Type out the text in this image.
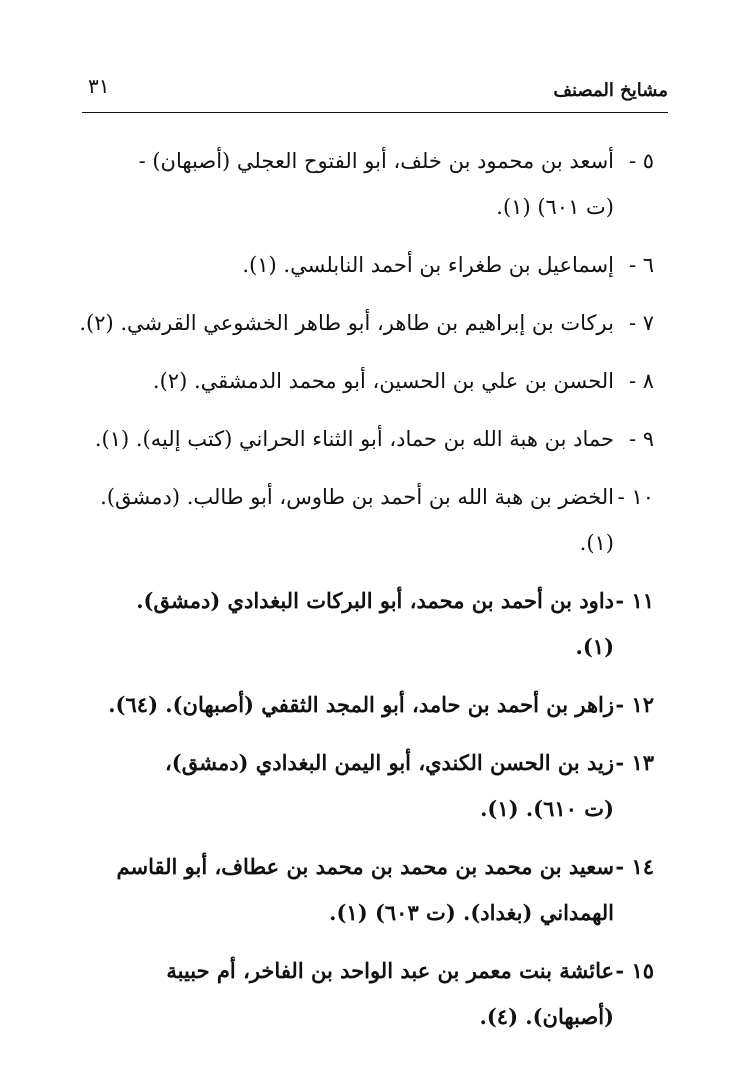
مشايخ المصنف
٣١
٥ -
أسعد بن محمود بن خلف، أبو الفتوح العجلي (أصبهان) -
(ت ٦٠١) (١).
٦ -
إسماعيل بن طغراء بن أحمد النابلسي. (١).
٧ -
بركات بن إبراهيم بن طاهر، أبو طاهر الخشوعي القرشي. (٢).
٨ -
الحسن بن علي بن الحسين، أبو محمد الدمشقي. (٢).
٩ -
حماد بن هبة الله بن حماد، أبو الثناء الحراني (كتب إليه). (١).
١٠ -
الخضر بن هبة الله بن أحمد بن طاوس، أبو طالب. (دمشق).
(١).
١١ -
داود بن أحمد بن محمد، أبو البركات البغدادي (دمشق).
(١).
١٢ -
زاهر بن أحمد بن حامد، أبو المجد الثقفي (أصبهان). (٦٤).
١٣ -
زيد بن الحسن الكندي، أبو اليمن البغدادي (دمشق)،
(ت ٦١٠). (١).
١٤ -
سعيد بن محمد بن محمد بن محمد بن عطاف، أبو القاسم
الهمداني (بغداد). (ت ٦٠٣) (١).
١٥ -
عائشة بنت معمر بن عبد الواحد بن الفاخر، أم حبيبة
(أصبهان). (٤).
